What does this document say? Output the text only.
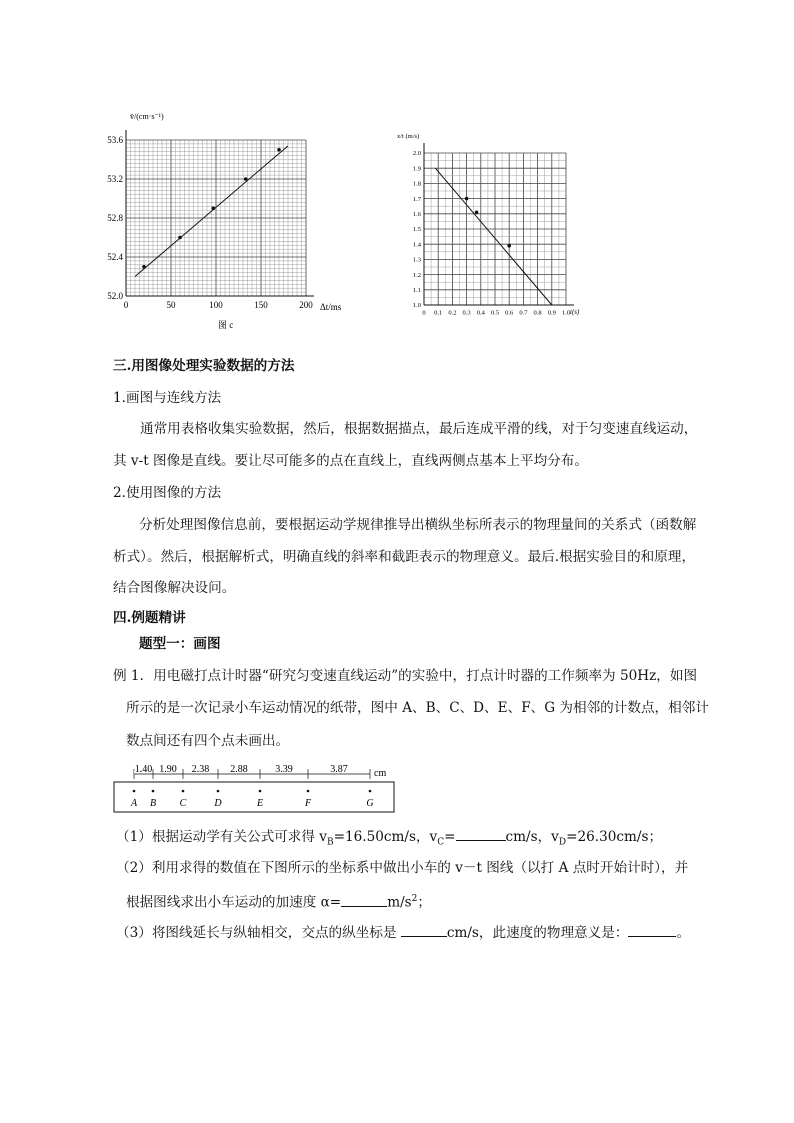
0	50	100	150	200
52.0
52.4
52.8
53.2
53.6
v̄/(cm·s⁻¹)
Δt/ms
图 c
0 0.1 0.2 0.3 0.4 0.5 0.6 0.7 0.8 0.9 1.0
1.0
1.1
1.2
1.3
1.4
1.5
1.6
1.7
1.8
1.9
2.0
x/t (m/s)
t(s)
三.用图像处理实验数据的方法
1.画图与连线方法
通常用表格收集实验数据，然后，根据数据描点，最后连成平滑的线，对于匀变速直线运动，
其 v-t 图像是直线。要让尽可能多的点在直线上，直线两侧点基本上平均分布。
2.使用图像的方法
分析处理图像信息前，要根据运动学规律推导出横纵坐标所表示的物理量间的关系式（函数解
析式）。然后，根据解析式，明确直线的斜率和截距表示的物理意义。最后.根据实验目的和原理，
结合图像解决设问。
四.例题精讲
题型一：画图
例 1．用电磁打点计时器“研究匀变速直线运动”的实验中，打点计时器的工作频率为 50Hz，如图
所示的是一次记录小车运动情况的纸带，图中 A、B、C、D、E、F、G 为相邻的计数点，相邻计
数点间还有四个点未画出。
1.40 1.90 2.38 2.88	3.39	3.87	cm
A B C	D	E	F	G
（1）根据运动学有关公式可求得 $v_B=16.50cm/s$，$v_C=$	cm/s，$v_D=26.30cm/s$；
（2）利用求得的数值在下图所示的坐标系中做出小车的 v－t 图线（以打 A 点时开始计时），并
根据图线求出小车运动的加速度 α=	$m/s^2$；
（3）将图线延长与纵轴相交，交点的纵坐标是	cm/s，此速度的物理意义是：	。
